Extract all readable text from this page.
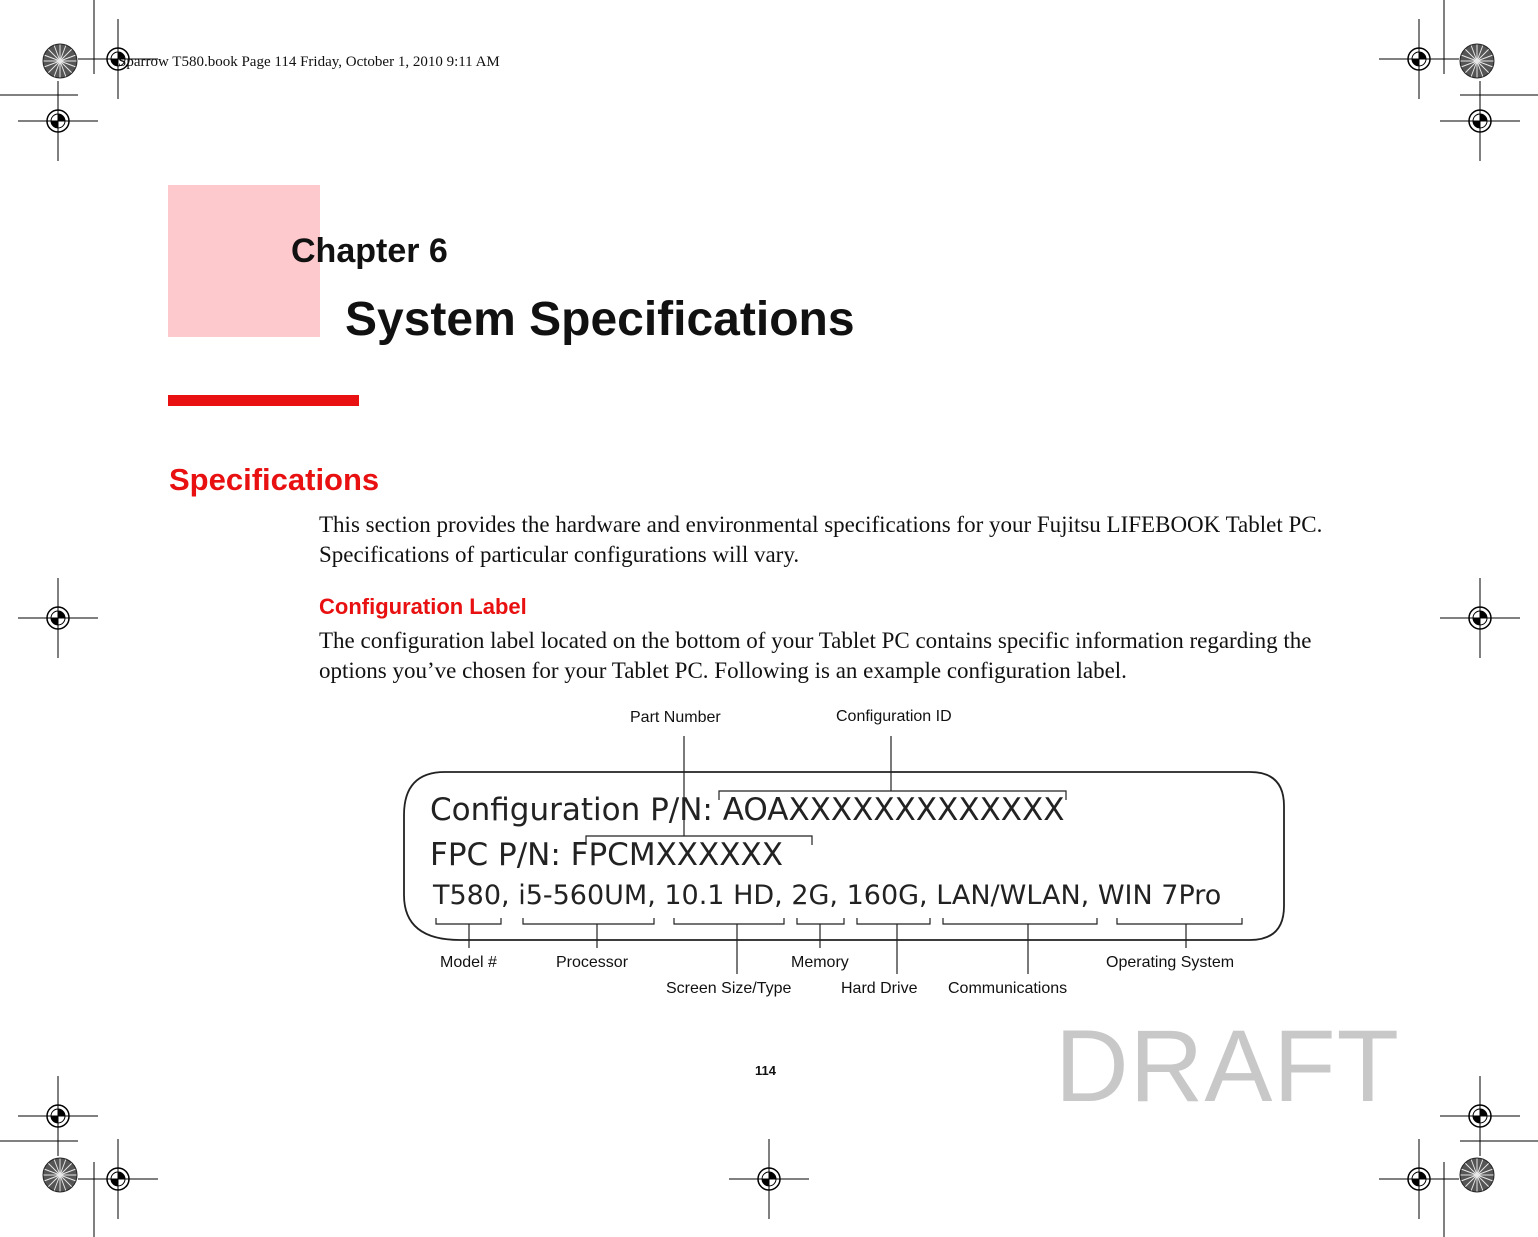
Sparrow T580.book Page 114 Friday, October 1, 2010 9:11 AM
Chapter 6
System Specifications
Specifications
This section provides the hardware and environmental specifications for your Fujitsu LIFEBOOK Tablet PC. Specifications of particular configurations will vary.
Configuration Label
The configuration label located on the bottom of your Tablet PC contains specific information regarding the options you’ve chosen for your Tablet PC. Following is an example configuration label.
Configuration P/N: AOAXXXXXXXXXXXXX
FPC P/N: FPCMXXXXXX
T580, i5-560UM, 10.1 HD, 2G, 160G, LAN/WLAN, WIN 7Pro
Part Number	Configuration ID
Model #	Processor	Memory	Operating System
Screen Size/Type	Hard Drive Communications
114	DRAFT
